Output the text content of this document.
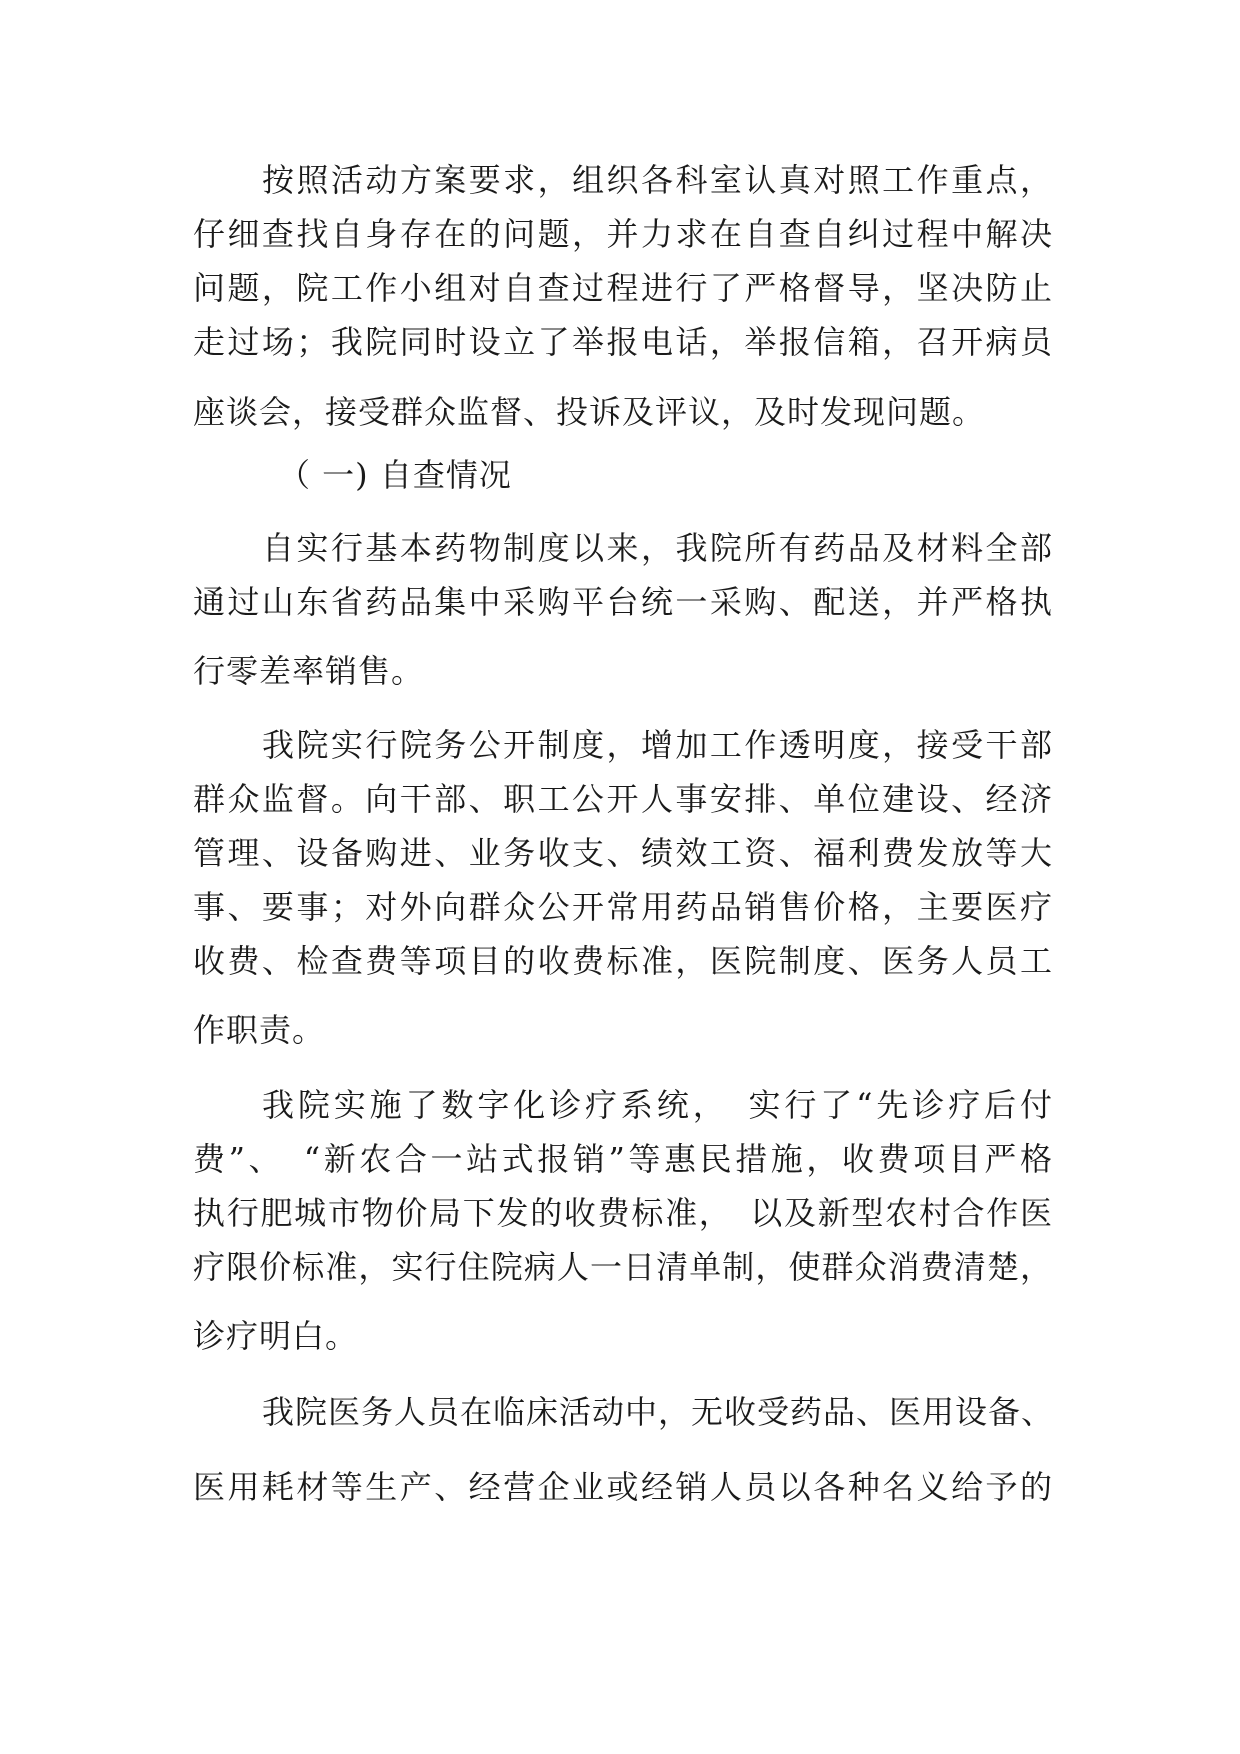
按照活动方案要求，组织各科室认真对照工作重点，
仔细查找自身存在的问题，并力求在自查自纠过程中解决
问题，院工作小组对自查过程进行了严格督导，坚决防止
走过场；我院同时设立了举报电话，举报信箱，召开病员
座谈会，接受群众监督、投诉及评议，及时发现问题。
（ 一) 自查情况
自实行基本药物制度以来，我院所有药品及材料全部
通过山东省药品集中采购平台统一采购、配送，并严格执
行零差率销售。
我院实行院务公开制度，增加工作透明度，接受干部
群众监督。向干部、职工公开人事安排、单位建设、经济
管理、设备购进、业务收支、绩效工资、福利费发放等大
事、要事；对外向群众公开常用药品销售价格，主要医疗
收费、检查费等项目的收费标准，医院制度、医务人员工
作职责。
我院实施了数字化诊疗系统，　实行了“先诊疗后付
费”、　“新农合一站式报销”等惠民措施，收费项目严格
执行肥城市物价局下发的收费标准，　以及新型农村合作医
疗限价标准，实行住院病人一日清单制，使群众消费清楚，
诊疗明白。
我院医务人员在临床活动中，无收受药品、医用设备、
医用耗材等生产、经营企业或经销人员以各种名义给予的
